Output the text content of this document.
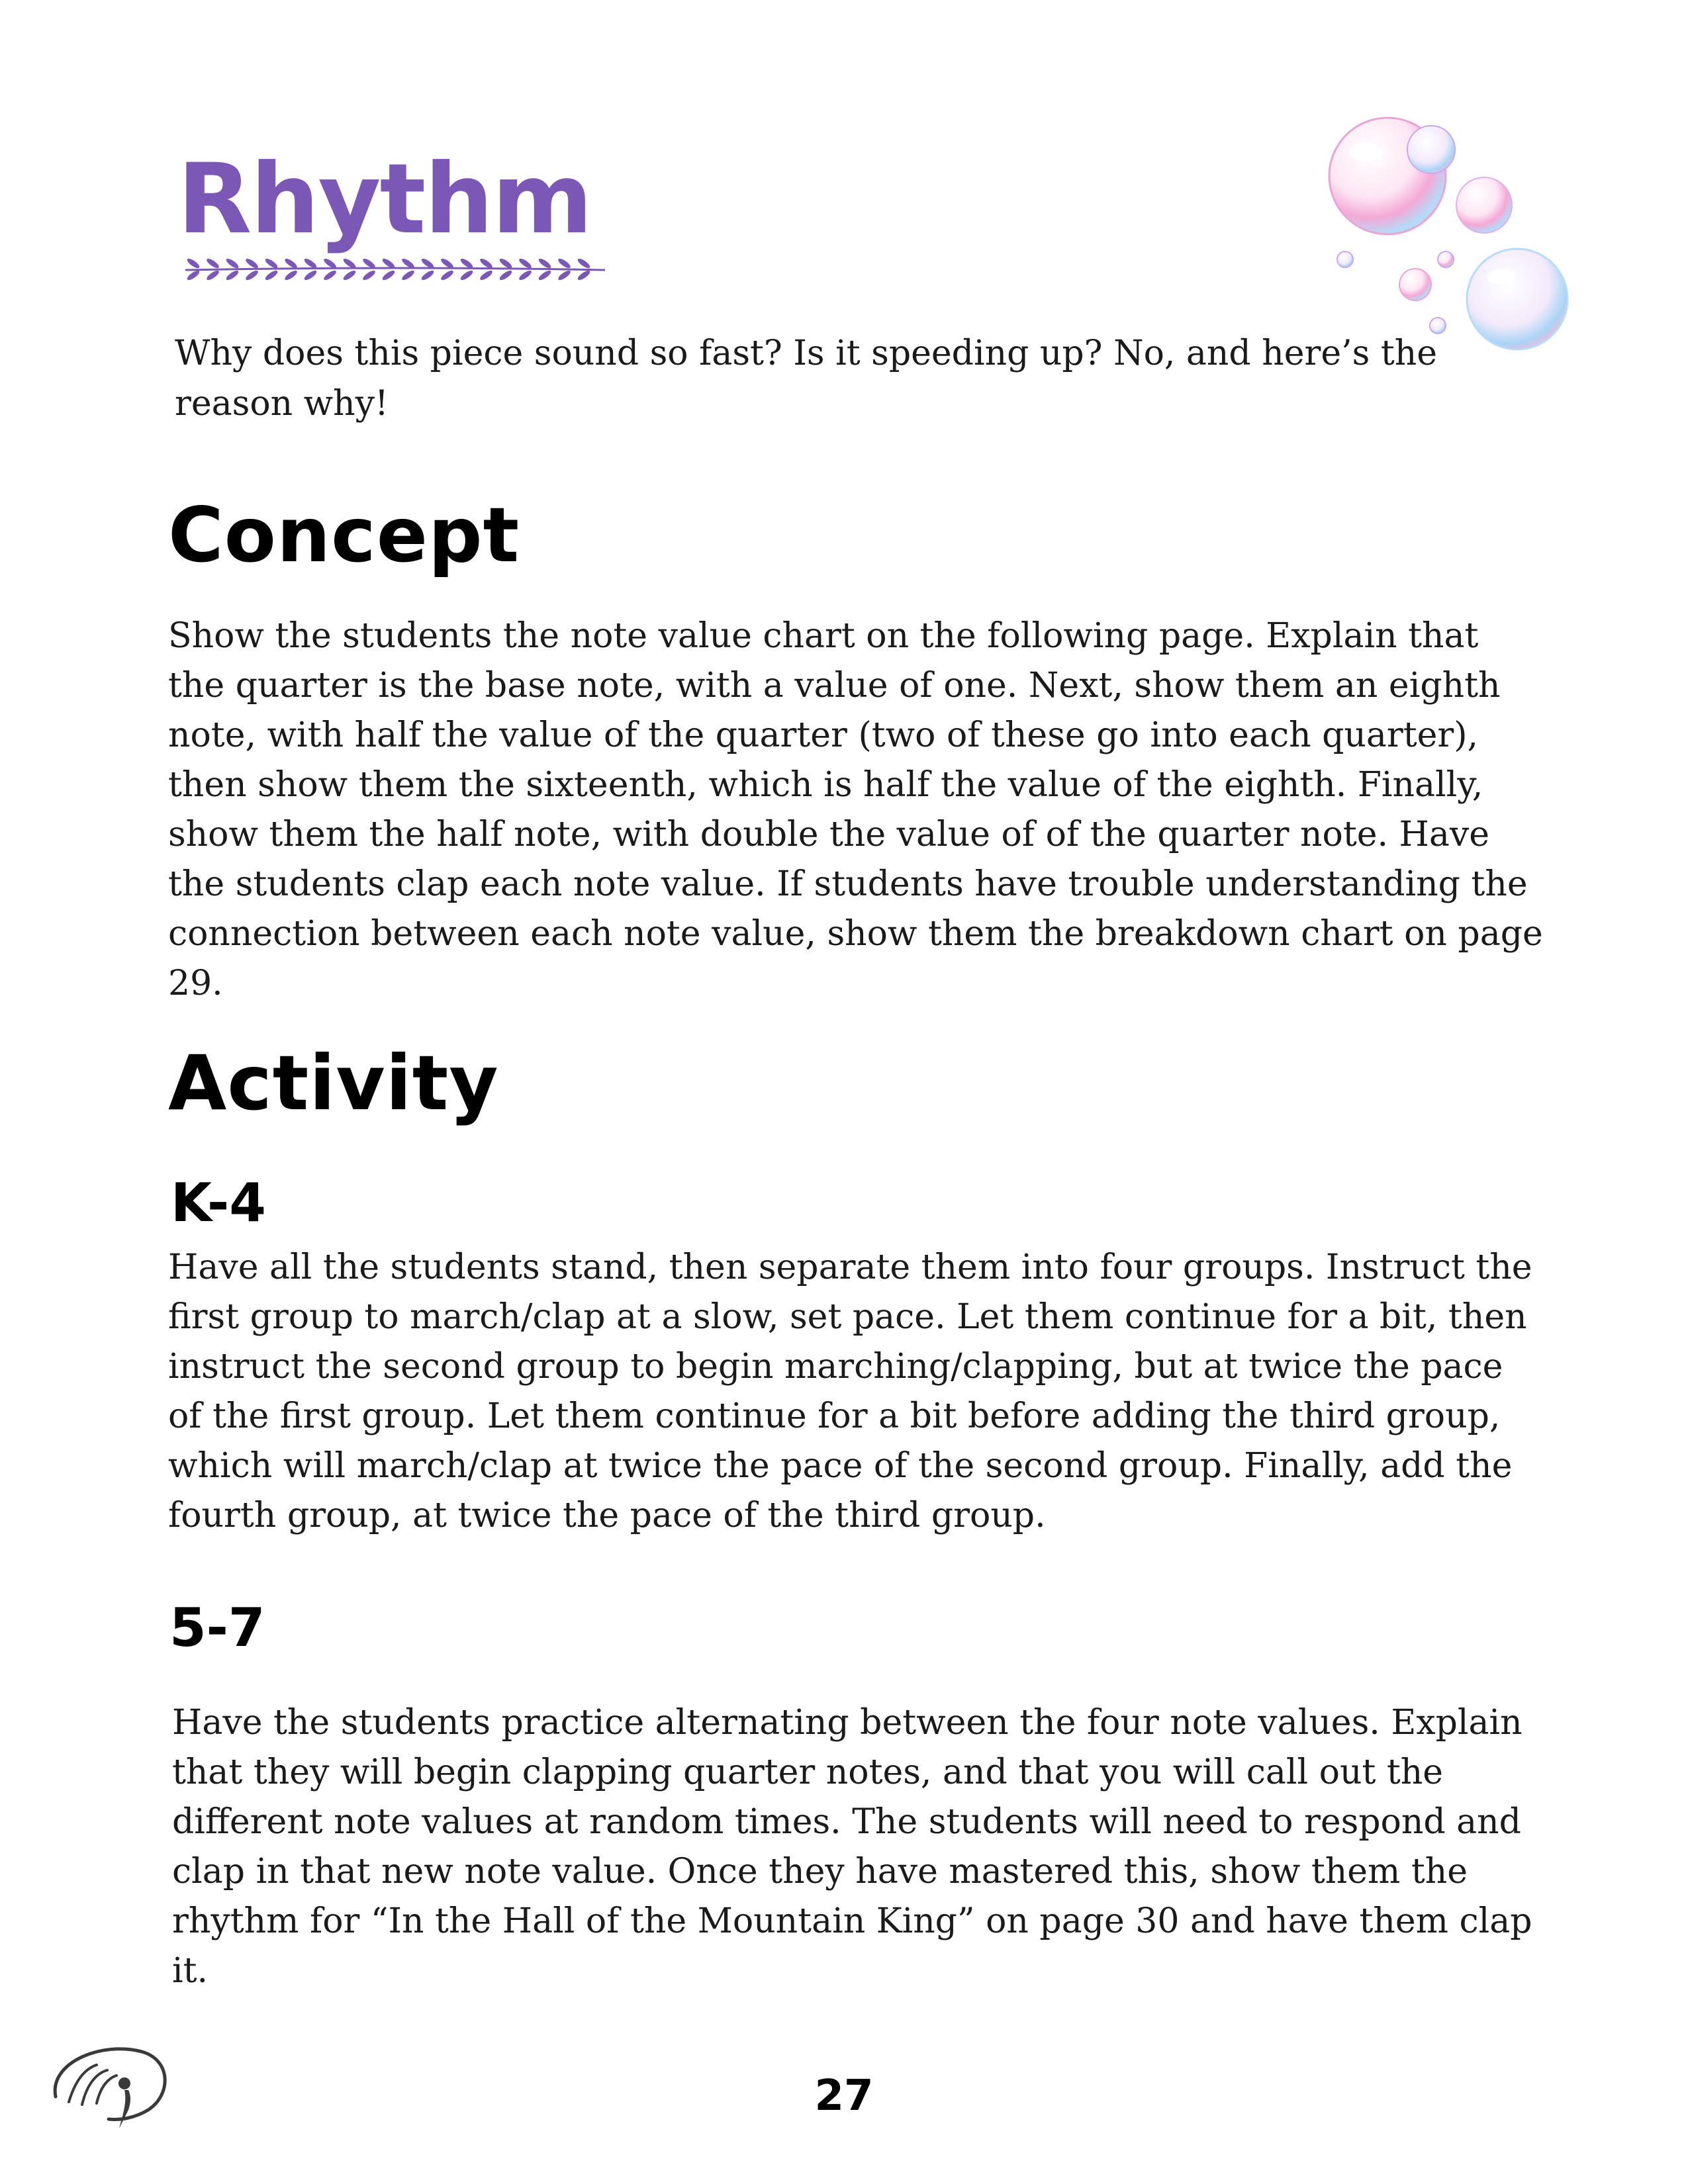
Rhythm
Why does this piece sound so fast? Is it speeding up? No, and here’s the reason why!
Concept
Show the students the note value chart on the following page. Explain that the quarter is the base note, with a value of one. Next, show them an eighth note, with half the value of the quarter (two of these go into each quarter), then show them the sixteenth, which is half the value of the eighth. Finally, show them the half note, with double the value of of the quarter note. Have the students clap each note value. If students have trouble understanding the connection between each note value, show them the breakdown chart on page 29.
Activity
K-4
Have all the students stand, then separate them into four groups. Instruct the first group to march/clap at a slow, set pace. Let them continue for a bit, then instruct the second group to begin marching/clapping, but at twice the pace of the first group. Let them continue for a bit before adding the third group, which will march/clap at twice the pace of the second group. Finally, add the fourth group, at twice the pace of the third group.
5-7
Have the students practice alternating between the four note values. Explain that they will begin clapping quarter notes, and that you will call out the different note values at random times. The students will need to respond and clap in that new note value. Once they have mastered this, show them the rhythm for “In the Hall of the Mountain King” on page 30 and have them clap it.
27
